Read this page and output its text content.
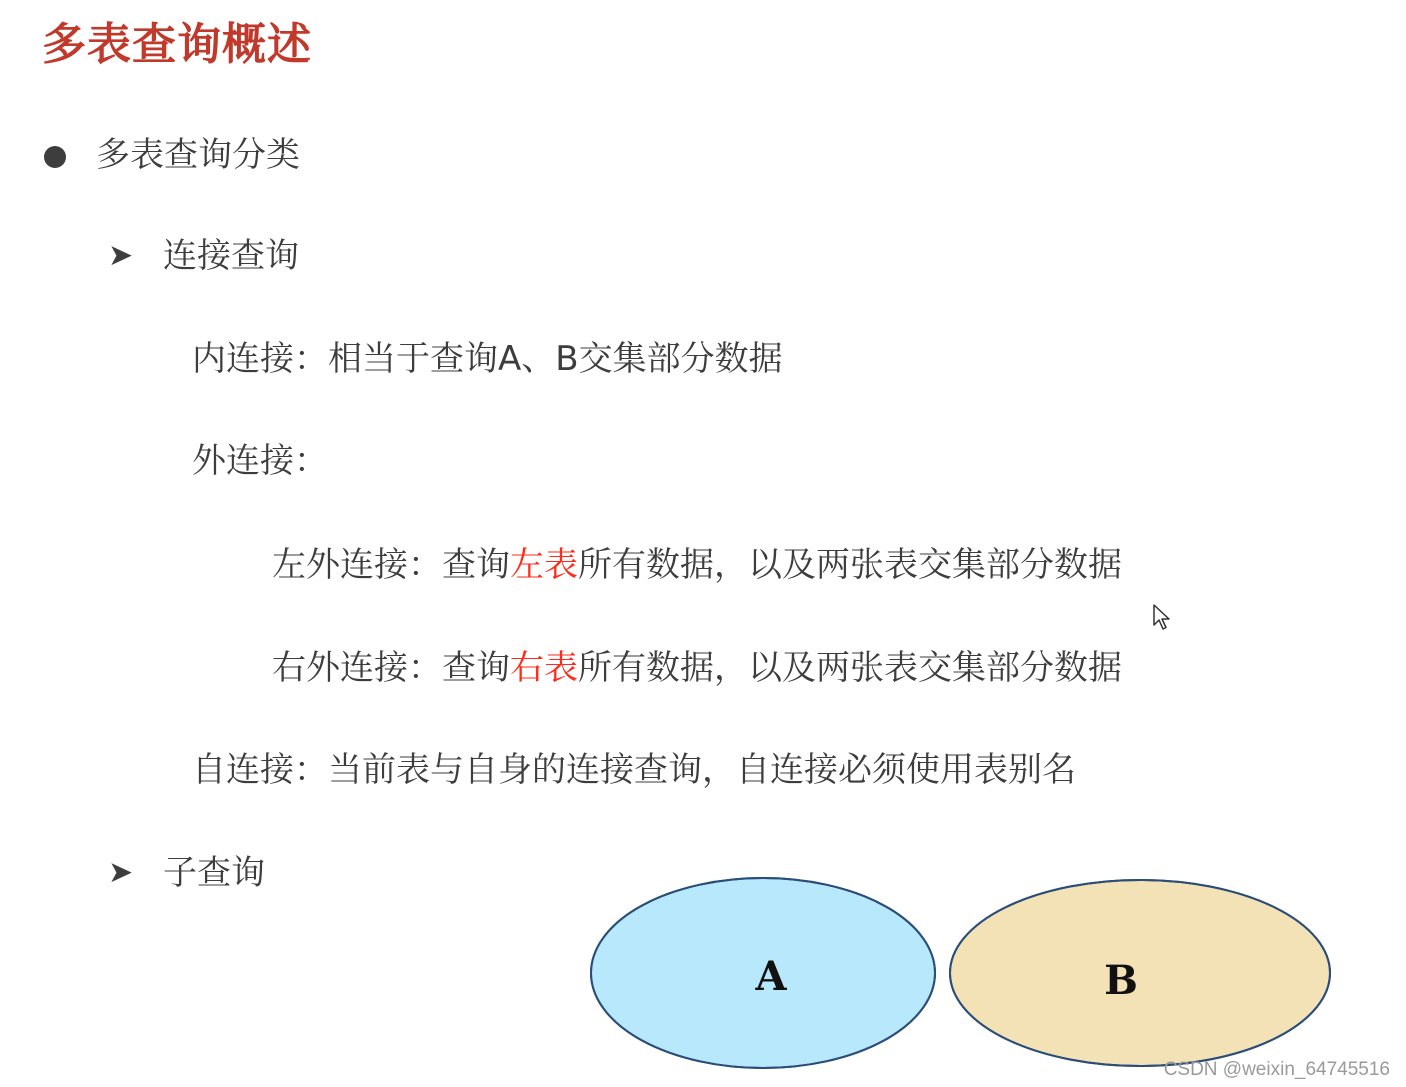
多表查询概述
多表查询分类
➤ 连接查询
内连接：相当于查询A、B交集部分数据
外连接：
左外连接：查询左表所有数据，以及两张表交集部分数据
右外连接：查询右表所有数据，以及两张表交集部分数据
自连接：当前表与自身的连接查询，自连接必须使用表别名
➤ 子查询
A	B
CSDN @weixin_64745516
